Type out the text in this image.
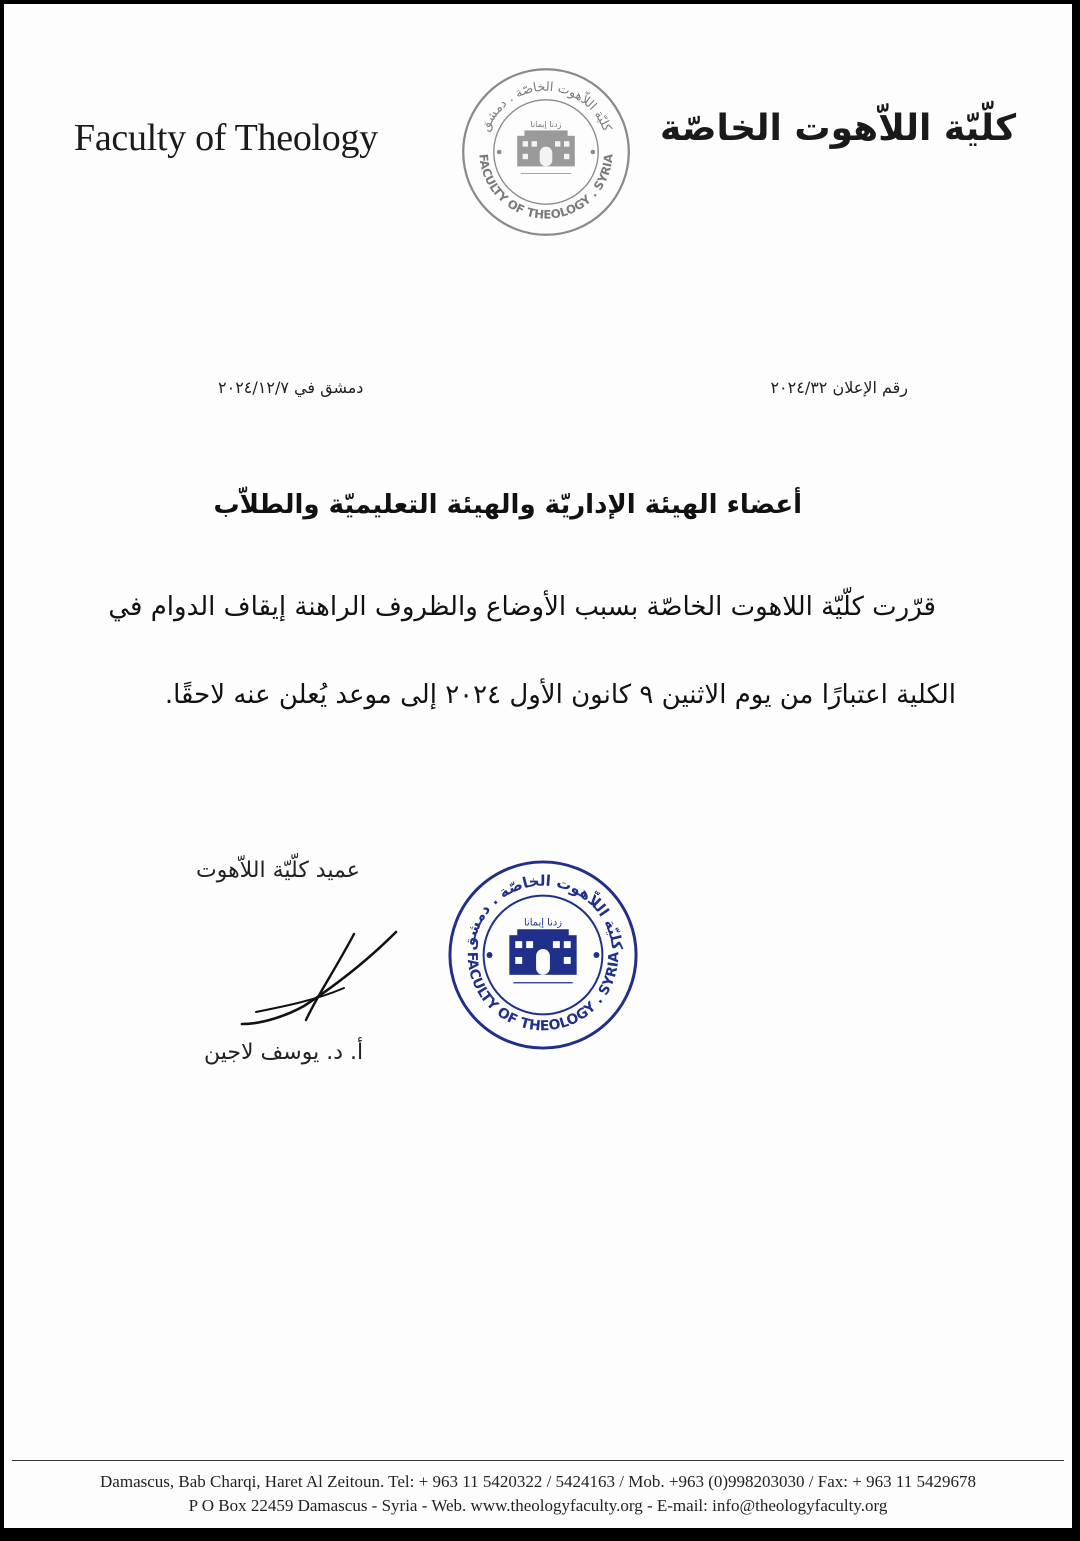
Faculty of Theology	كلّيّة اللاّهوت الخاصّة
كليّة اللاّهوت الخاصّة . دمشق
FACULTY OF THEOLOGY . SYRIA
زدنا إيمانا
رقم الإعلان ٢٠٢٤/٣٢
دمشق في ٢٠٢٤/١٢/٧
أعضاء الهيئة الإداريّة والهيئة التعليميّة والطلاّب
قرّرت كلّيّة اللاهوت الخاصّة بسبب الأوضاع والظروف الراهنة إيقاف الدوام في
الكلية اعتبارًا من يوم الاثنين ٩ كانون الأول ٢٠٢٤ إلى موعد يُعلن عنه لاحقًا.
عميد كلّيّة اللاّهوت
أ. د. يوسف لاجين
كليّة اللاّهوت الخاصّة . دمشق
FACULTY OF THEOLOGY . SYRIA
زدنا إيمانا
Damascus, Bab Charqi, Haret Al Zeitoun. Tel: + 963 11 5420322 / 5424163 / Mob. +963 (0)998203030 / Fax: + 963 11 5429678
P O Box 22459 Damascus - Syria - Web. www.theologyfaculty.org - E-mail: info@theologyfaculty.org
